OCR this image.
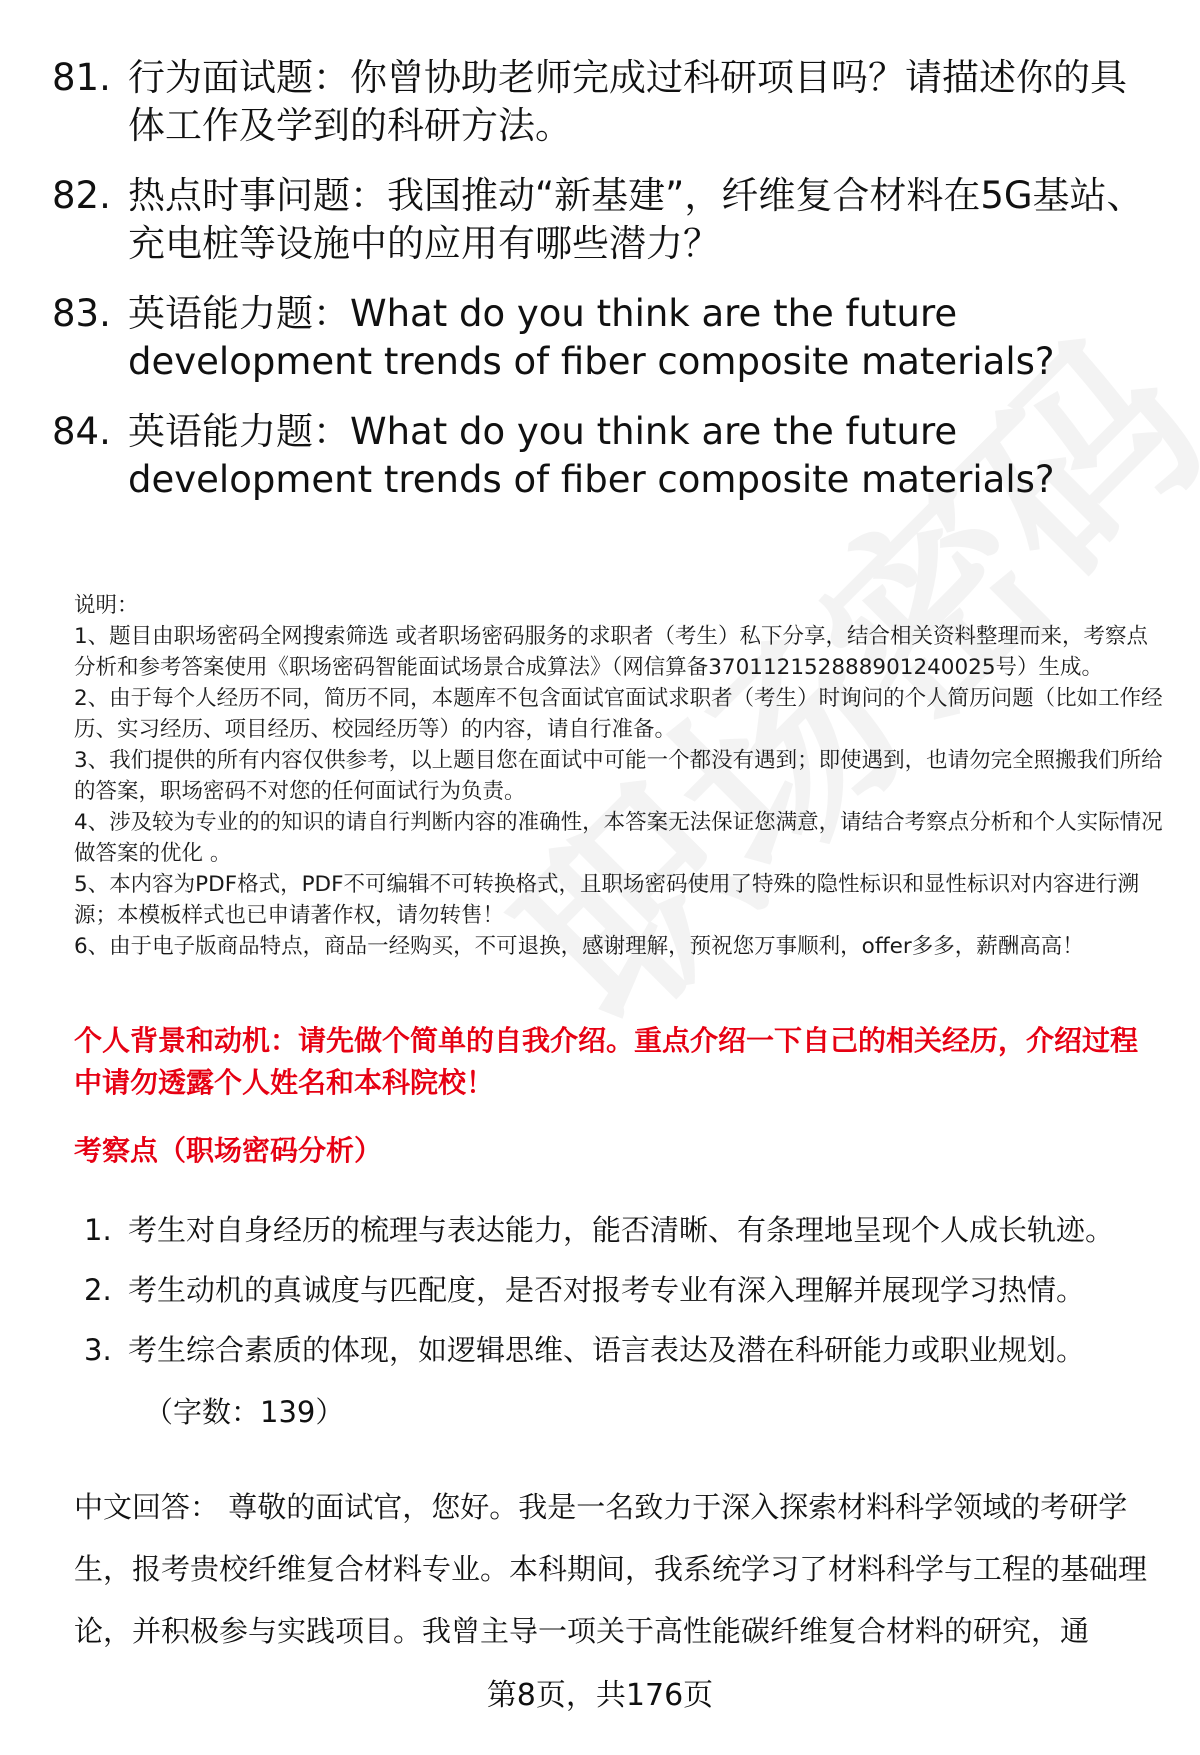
81. 行为面试题：你曾协助老师完成过科研项目吗？请描述你的具体工作及学到的科研方法。
82. 热点时事问题：我国推动“新基建”，纤维复合材料在5G基站、充电桩等设施中的应用有哪些潜力？
83. 英语能力题：What do you think are the future development trends of fiber composite materials?
84. 英语能力题：What do you think are the future development trends of fiber composite materials?
说明：
1、题目由职场密码全网搜索筛选 或者职场密码服务的求职者（考生）私下分享，结合相关资料整理而来，考察点分析和参考答案使用《职场密码智能面试场景合成算法》（网信算备370112152888901240025号）生成。
2、由于每个人经历不同，简历不同，本题库不包含面试官面试求职者（考生）时询问的个人简历问题（比如工作经历、实习经历、项目经历、校园经历等）的内容，请自行准备。
3、我们提供的所有内容仅供参考，以上题目您在面试中可能一个都没有遇到；即使遇到，也请勿完全照搬我们所给的答案，职场密码不对您的任何面试行为负责。
4、涉及较为专业的的知识的请自行判断内容的准确性，本答案无法保证您满意，请结合考察点分析和个人实际情况做答案的优化 。
5、本内容为PDF格式，PDF不可编辑不可转换格式，且职场密码使用了特殊的隐性标识和显性标识对内容进行溯源；本模板样式也已申请著作权，请勿转售！
6、由于电子版商品特点，商品一经购买，不可退换，感谢理解，预祝您万事顺利，offer多多，薪酬高高！
个人背景和动机：请先做个简单的自我介绍。重点介绍一下自己的相关经历，介绍过程中请勿透露个人姓名和本科院校！
考察点（职场密码分析）
1. 考生对自身经历的梳理与表达能力，能否清晰、有条理地呈现个人成长轨迹。
2. 考生动机的真诚度与匹配度，是否对报考专业有深入理解并展现学习热情。
3. 考生综合素质的体现，如逻辑思维、语言表达及潜在科研能力或职业规划。
（字数：139）
中文回答： 尊敬的面试官，您好。我是一名致力于深入探索材料科学领域的考研学生，报考贵校纤维复合材料专业。本科期间，我系统学习了材料科学与工程的基础理论，并积极参与实践项目。我曾主导一项关于高性能碳纤维复合材料的研究，通
第8页，共176页
